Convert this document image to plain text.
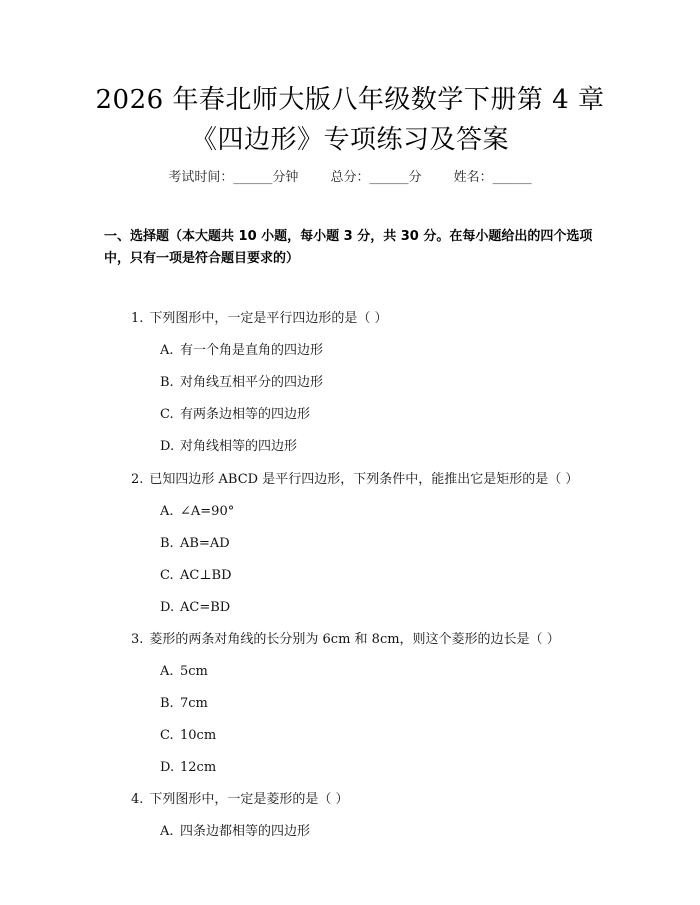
2026 年春北师大版八年级数学下册第 4 章
《四边形》专项练习及答案
考试时间：______分钟 总分：______分 姓名：______
一、选择题（本大题共 10 小题，每小题 3 分，共 30 分。在每小题给出的四个选项中，只有一项是符合题目要求的）
1. 下列图形中，一定是平行四边形的是（ ）
A. 有一个角是直角的四边形
B. 对角线互相平分的四边形
C. 有两条边相等的四边形
D. 对角线相等的四边形
2. 已知四边形 ABCD 是平行四边形，下列条件中，能推出它是矩形的是（ ）
A. ∠A=90°
B. AB=AD
C. AC⊥BD
D. AC=BD
3. 菱形的两条对角线的长分别为 6cm 和 8cm，则这个菱形的边长是（ ）
A. 5cm
B. 7cm
C. 10cm
D. 12cm
4. 下列图形中，一定是菱形的是（ ）
A. 四条边都相等的四边形
